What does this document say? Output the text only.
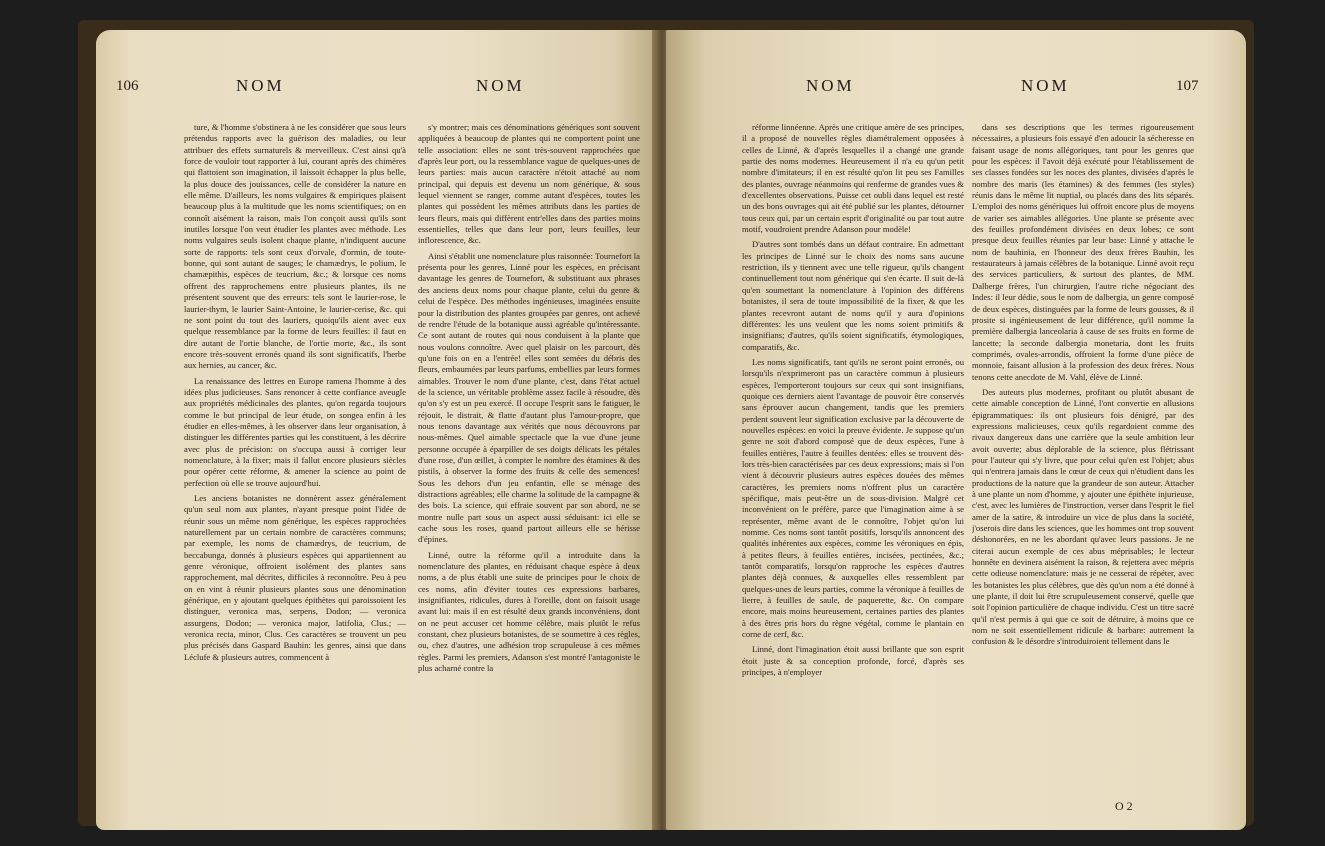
106	NOM	NOM

ture, & l'homme s'obstinera à ne les considérer que sous leurs prétendus rapports avec la guérison des maladies, ou leur attribuer des effets surnaturels & merveilleux. C'est ainsi qu'à force de vouloir tout rapporter à lui, courant après des chimères qui flattoient son imagination, il laissoit échapper la plus belle, la plus douce des jouissances, celle de considérer la nature en elle même. D'ailleurs, les noms vulgaires & empiriques plaisent beaucoup plus à la multitude que les noms scientifiques; on en connoît aisément la raison, mais l'on conçoit aussi qu'ils sont inutiles lorsque l'on veut étudier les plantes avec méthode. Les noms vulgaires seuls isolent chaque plante, n'indiquent aucune sorte de rapports: tels sont ceux d'orvale, d'ormin, de toute-bonne, qui sont autant de sauges; le chamædrys, le polium, le chamæpithis, espèces de teucrium, &c.; & lorsque ces noms offrent des rapprochemens entre plusieurs plantes, ils ne présentent souvent que des erreurs: tels sont le laurier-rose, le laurier-thym, le laurier Saint-Antoine, le laurier-cerise, &c. qui ne sont point du tout des lauriers, quoiqu'ils aient avec eux quelque ressemblance par la forme de leurs feuilles: il faut en dire autant de l'ortie blanche, de l'ortie morte, &c., ils sont encore très-souvent erronés quand ils sont significatifs, l'herbe aux hernies, au cancer, &c.

La renaissance des lettres en Europe ramena l'homme à des idées plus judicieuses. Sans renoncer à cette confiance aveugle aux propriétés médicinales des plantes, qu'on regarda toujours comme le but principal de leur étude, on songea enfin à les étudier en elles-mêmes, à les observer dans leur organisation, à distinguer les différentes parties qui les constituent, à les décrire avec plus de précision: on s'occupa aussi à corriger leur nomenclature, à la fixer; mais il fallut encore plusieurs siècles pour opérer cette réforme, & amener la science au point de perfection où elle se trouve aujourd'hui.

Les anciens botanistes ne donnèrent assez généralement qu'un seul nom aux plantes, n'ayant presque point l'idée de réunir sous un même nom générique, les espèces rapprochées naturellement par un certain nombre de caractères communs; par exemple, les noms de chamædrys, de teucrium, de beccabunga, donnés à plusieurs espèces qui appartiennent au genre véronique, offroient isolément des plantes sans rapprochement, mal décrites, difficiles à reconnoître. Peu à peu on en vint à réunir plusieurs plantes sous une dénomination générique, en y ajoutant quelques épithètes qui paroissoient les distinguer, veronica mas, serpens, Dodon; — veronica assurgens, Dodon; — veronica major, latifolia, Clus.; — veronica recta, minor, Clus. Ces caractères se trouvent un peu plus précisés dans Gaspard Bauhin: les genres, ainsi que dans Léclufe & plusieurs autres, commencent à

s'y montrer; mais ces dénominations génériques sont souvent appliquées à beaucoup de plantes qui ne comportent point une telle association: elles ne sont très-souvent rapprochées que d'après leur port, ou la ressemblance vague de quelques-unes de leurs parties: mais aucun caractère n'étoit attaché au nom principal, qui depuis est devenu un nom générique, & sous lequel viennent se ranger, comme autant d'espèces, toutes les plantes qui possèdent les mêmes attributs dans les parties de leurs fleurs, mais qui diffèrent entr'elles dans des parties moins essentielles, telles que dans leur port, leurs feuilles, leur inflorescence, &c.

Ainsi s'établit une nomenclature plus raisonnée: Tournefort la présenta pour les genres, Linné pour les espèces, en précisant davantage les genres de Tournefort, & substituant aux phrases des anciens deux noms pour chaque plante, celui du genre & celui de l'espèce. Des méthodes ingénieuses, imaginées ensuite pour la distribution des plantes groupées par genres, ont achevé de rendre l'étude de la botanique aussi agréable qu'intéressante. Ce sont autant de routes qui nous conduisent à la plante que nous voulons connoître. Avec quel plaisir on les parcourt, dès qu'une fois on en a l'entrée! elles sont semées du débris des fleurs, embaumées par leurs parfums, embellies par leurs formes aimables. Trouver le nom d'une plante, c'est, dans l'état actuel de la science, un véritable problème assez facile à résoudre, dès qu'on s'y est un peu exercé. Il occupe l'esprit sans le fatiguer, le réjouit, le distrait, & flatte d'autant plus l'amour-propre, que nous tenons davantage aux vérités que nous découvrons par nous-mêmes. Quel aimable spectacle que la vue d'une jeune personne occupée à éparpiller de ses doigts délicats les pétales d'une rose, d'un œillet, à compter le nombre des étamines & des pistils, à observer la forme des fruits & celle des semences! Sous les dehors d'un jeu enfantin, elle se ménage des distractions agréables; elle charme la solitude de la campagne & des bois. La science, qui effraie souvent par son abord, ne se montre nulle part sous un aspect aussi séduisant: ici elle se cache sous les roses, quand partout ailleurs elle se hérisse d'épines.

Linné, outre la réforme qu'il a introduite dans la nomenclature des plantes, en réduisant chaque espèce à deux noms, a de plus établi une suite de principes pour le choix de ces noms, afin d'éviter toutes ces expressions barbares, insignifiantes, ridicules, dures à l'oreille, dont on faisoit usage avant lui: mais il en est résulté deux grands inconvéniens, dont on ne peut accuser cet homme célèbre, mais plutôt le refus constant, chez plusieurs botanistes, de se soumettre à ces règles, ou, chez d'autres, une adhésion trop scrupuleuse à ces mêmes règles. Parmi les premiers, Adanson s'est montré l'antagoniste le plus acharné contre la

NOM	NOM	107

réforme linnéenne. Après une critique amère de ses principes, il a proposé de nouvelles règles diamétralement opposées à celles de Linné, & d'après lesquelles il a changé une grande partie des noms modernes. Heureusement il n'a eu qu'un petit nombre d'imitateurs; il en est résulté qu'on lit peu ses Familles des plantes, ouvrage néanmoins qui renferme de grandes vues & d'excellentes observations. Puisse cet oubli dans lequel est resté un des bons ouvrages qui ait été publié sur les plantes, détourner tous ceux qui, par un certain esprit d'originalité ou par tout autre motif, voudroient prendre Adanson pour modèle!

D'autres sont tombés dans un défaut contraire. En admettant les principes de Linné sur le choix des noms sans aucune restriction, ils y tiennent avec une telle rigueur, qu'ils changent continuellement tout nom générique qui s'en écarte. Il suit de-là qu'en soumettant la nomenclature à l'opinion des différens botanistes, il sera de toute impossibilité de la fixer, & que les plantes recevront autant de noms qu'il y aura d'opinions différentes: les uns veulent que les noms soient primitifs & insignifians; d'autres, qu'ils soient significatifs, étymologiques, comparatifs, &c.

Les noms significatifs, tant qu'ils ne seront point erronés, ou lorsqu'ils n'exprimeront pas un caractère commun à plusieurs espèces, l'emporteront toujours sur ceux qui sont insignifians, quoique ces derniers aient l'avantage de pouvoir être conservés sans éprouver aucun changement, tandis que les premiers perdent souvent leur signification exclusive par la découverte de nouvelles espèces: en voici la preuve évidente. Je suppose qu'un genre ne soit d'abord composé que de deux espèces, l'une à feuilles entières, l'autre à feuilles dentées: elles se trouvent dès-lors très-bien caractérisées par ces deux expressions; mais si l'on vient à découvrir plusieurs autres espèces douées des mêmes caractères, les premiers noms n'offrent plus un caractère spécifique, mais peut-être un de sous-division. Malgré cet inconvénient on le préfère, parce que l'imagination aime à se représenter, même avant de le connoître, l'objet qu'on lui nomme. Ces noms sont tantôt positifs, lorsqu'ils annoncent des qualités inhérentes aux espèces, comme les véroniques en épis, à petites fleurs, à feuilles entières, incisées, pectinées, &c.; tantôt comparatifs, lorsqu'on rapproche les espèces d'autres plantes déjà connues, & auxquelles elles ressemblent par quelques-unes de leurs parties, comme la véronique à feuilles de lierre, à feuilles de saule, de paquerette, &c. On compare encore, mais moins heureusement, certaines parties des plantes à des êtres pris hors du règne végétal, comme le plantain en corne de cerf, &c.

Linné, dont l'imagination étoit aussi brillante que son esprit étoit juste & sa conception profonde, forcé, d'après ses principes, à n'employer

dans ses descriptions que les termes rigoureusement nécessaires, a plusieurs fois essayé d'en adoucir la sécheresse en faisant usage de noms allégoriques, tant pour les genres que pour les espèces: il l'avoit déjà exécuté pour l'établissement de ses classes fondées sur les noces des plantes, divisées d'après le nombre des maris (les étamines) & des femmes (les styles) réunis dans le même lit nuptial, ou placés dans des lits séparés. L'emploi des noms génériques lui offroit encore plus de moyens de varier ses aimables allégories. Une plante se présente avec des feuilles profondément divisées en deux lobes; ce sont presque deux feuilles réunies par leur base: Linné y attache le nom de bauhinia, en l'honneur des deux frères Bauhin, les restaurateurs à jamais célèbres de la botanique. Linné avoit reçu des services particuliers, & surtout des plantes, de MM. Dalberge frères, l'un chirurgien, l'autre riche négociant des Indes: il leur dédie, sous le nom de dalbergia, un genre composé de deux espèces, distinguées par la forme de leurs gousses, & il prosite si ingénieusement de leur différence, qu'il nomme la première dalbergia lanceolaria à cause de ses fruits en forme de lancette; la seconde dalbergia monetaria, dont les fruits comprimés, ovales-arrondis, offroient la forme d'une pièce de monnoie, faisant allusion à la profession des deux frères. Nous tenons cette anecdote de M. Vahl, élève de Linné.

Des auteurs plus modernes, profitant ou plutôt abusant de cette aimable conception de Linné, l'ont convertie en allusions épigrammatiques: ils ont plusieurs fois dénigré, par des expressions malicieuses, ceux qu'ils regardoient comme des rivaux dangereux dans une carrière que la seule ambition leur avoit ouverte; abus déplorable de la science, plus flétrissant pour l'auteur qui s'y livre, que pour celui qu'en est l'objet; abus qui n'entrera jamais dans le cœur de ceux qui n'étudient dans les productions de la nature que la grandeur de son auteur. Attacher à une plante un nom d'homme, y ajouter une épithète injurieuse, c'est, avec les lumières de l'instruction, verser dans l'esprit le fiel amer de la satire, & introduire un vice de plus dans la société, j'oserois dire dans les sciences, que les hommes ont trop souvent déshonorées, en ne les abordant qu'avec leurs passions. Je ne citerai aucun exemple de ces abus méprisables; le lecteur honnête en devinera aisément la raison, & rejettera avec mépris cette odieuse nomenclature: mais je ne cesserai de répéter, avec les botanistes les plus célèbres, que dès qu'un nom a été donné à une plante, il doit lui être scrupuleusement conservé, quelle que soit l'opinion particulière de chaque individu. C'est un titre sacré qu'il n'est permis à qui que ce soit de détruire, à moins que ce nom ne soit essentiellement ridicule & barbare: autrement la confusion & le désordre s'introduiroient tellement dans le

O 2
